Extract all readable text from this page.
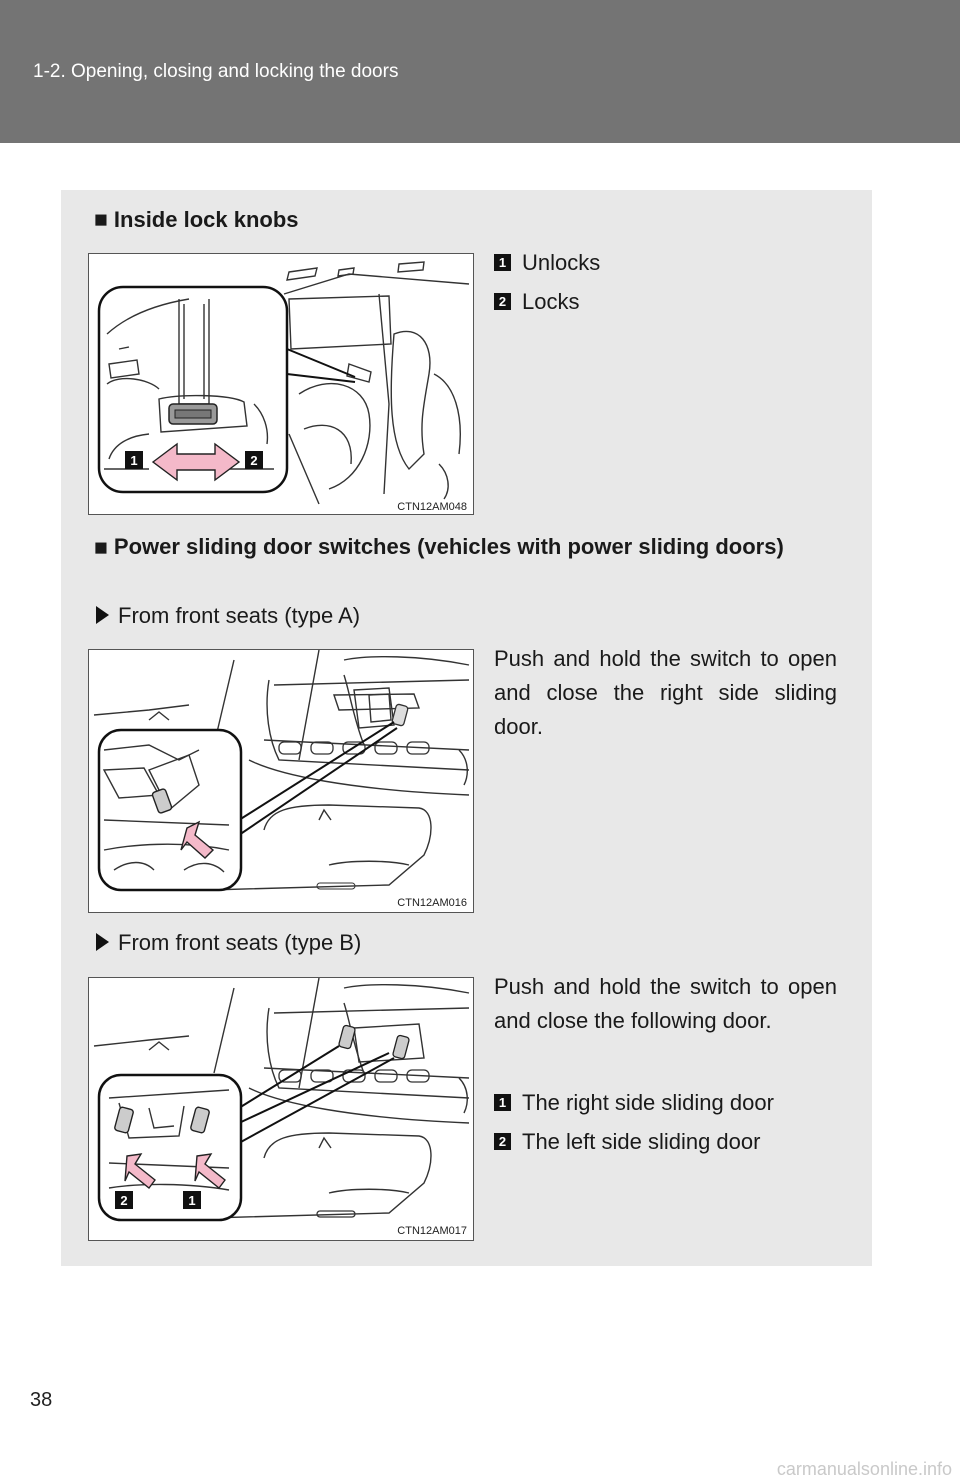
1-2. Opening, closing and locking the doors
■ Inside lock knobs
1	2
CTN12AM048
1 Unlocks
2 Locks
■ Power sliding door switches (vehicles with power sliding doors)
From front seats (type A)
CTN12AM016
Push and hold the switch to open and close the right side sliding door.
From front seats (type B)
2	1
CTN12AM017
Push and hold the switch to open and close the following door.
1 The right side sliding door
2 The left side sliding door
38
carmanualsonline.info
